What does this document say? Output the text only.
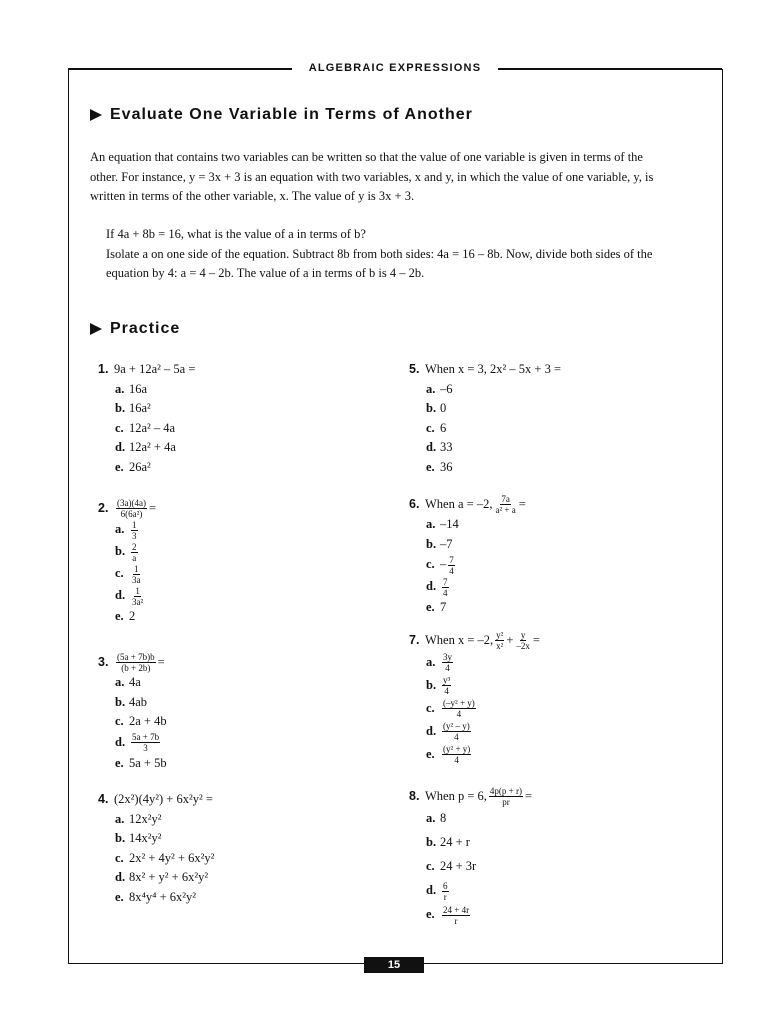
ALGEBRAIC EXPRESSIONS
Evaluate One Variable in Terms of Another

An equation that contains two variables can be written so that the value of one variable is given in terms of the

other. For instance, y = 3x + 3 is an equation with two variables, x and y, in which the value of one variable, y, is

written in terms of the other variable, x. The value of y is 3x + 3.

If 4a + 8b = 16, what is the value of a in terms of b?

Isolate a on one side of the equation. Subtract 8b from both sides: 4a = 16 – 8b. Now, divide both sides of the

equation by 4: a = 4 – 2b. The value of a in terms of b is 4 – 2b.

Practice
1. 9a + 12a² – 5a =
a. 16a
b. 16a²
c. 12a² – 4a
d. 12a² + 4a
e. 26a²
2. $\frac{(3a)(4a)}{\text{6(6a²)}}$ =
a. $\frac{1}{3}$
b. $\frac{2}{a}$
c. $\frac{1}{3a}$
d. $\frac{1}{\text{3a²}}$
e. 2
3. $\frac{(5a + 7b)b}{(b + 2b)}$ =
a. 4a
b. 4ab
c. 2a + 4b
d. $\frac{5a + 7b}{3}$
e. 5a + 5b
4. (2x²)(4y²) + 6x²y² =
a. 12x²y²
b. 14x²y²
c. 2x² + 4y² + 6x²y²
d. 8x² + y² + 6x²y²
e. 8x⁴y⁴ + 6x²y²
5. When x = 3, 2x² – 5x + 3 =
a. –6
b. 0
c. 6
d. 33
e. 36
6. When a = –2, $\frac{7a}{\text{a² + a}}$ =
a. –14
b. –7
c. – $\frac{7}{4}$
d. $\frac{7}{4}$
e. 7
7. When x = –2, $\frac{\text{y²}}{\text{x²}} + \frac{y}{-2x}$ =
a. $\frac{3y}{4}$
b. $\frac{\text{y³}}{4}$
c. $\frac{\text{(–y² + y)}}{4}$
d. $\frac{\text{(y² – y)}}{4}$
e. $\frac{\text{(y² + y)}}{4}$
8. When p = 6, $\frac{4p(p + r)}{pr}$ =
a. 8
b. 24 + r
c. 24 + 3r
d. $\frac{6}{r}$
e. $\frac{24 + 4r}{r}$
15
